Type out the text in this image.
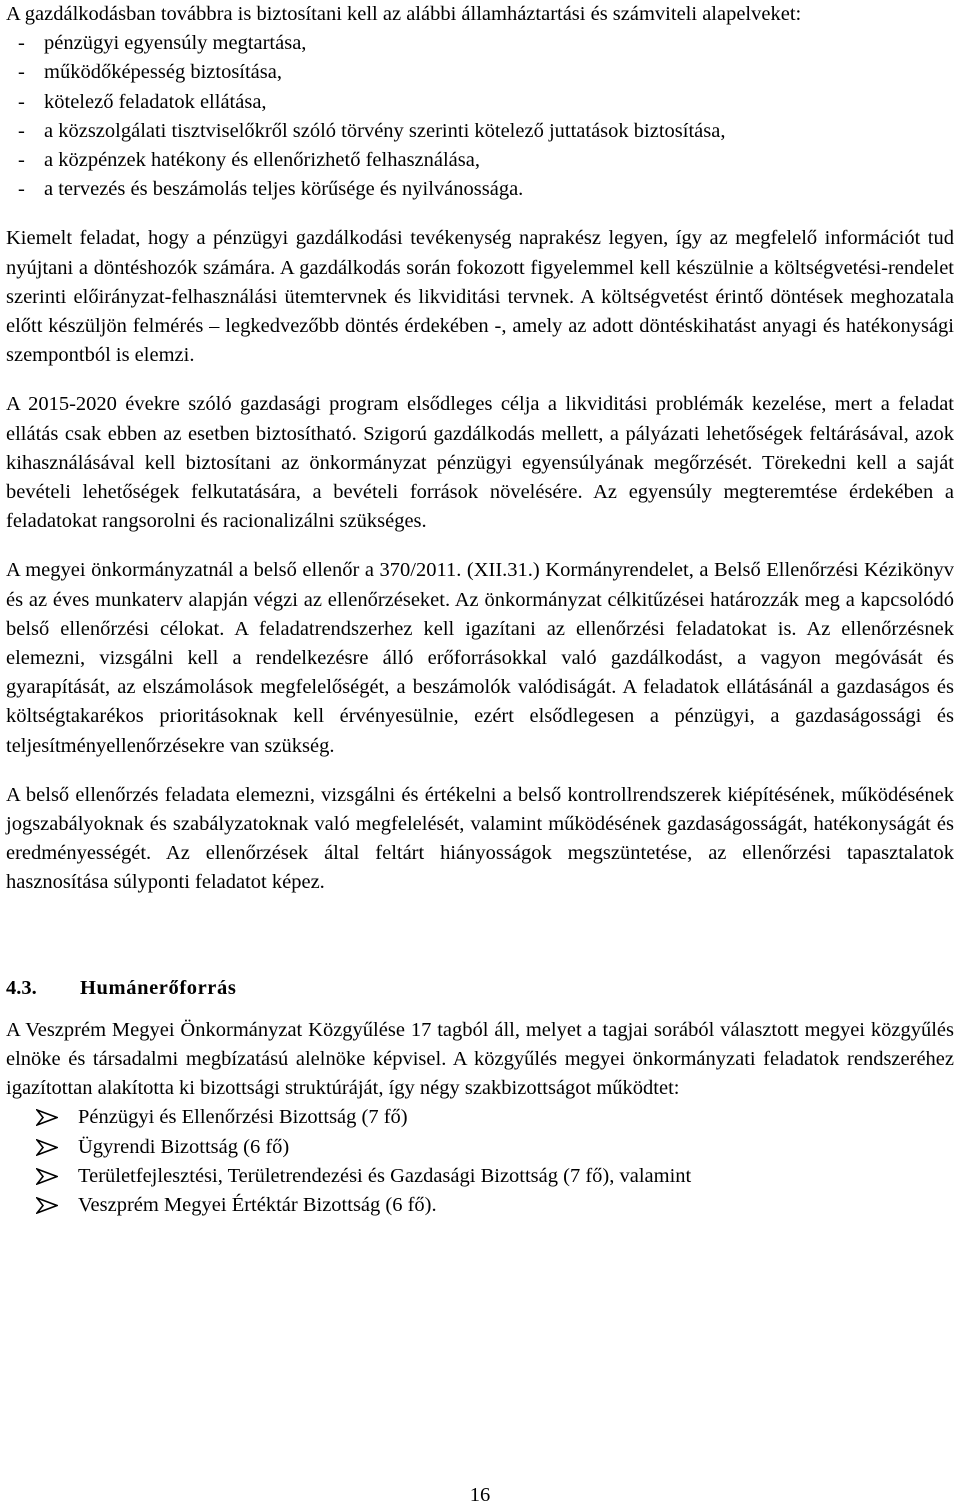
A gazdálkodásban továbbra is biztosítani kell az alábbi államháztartási és számviteli alapelveket:

- pénzügyi egyensúly megtartása,
- működőképesség biztosítása,
- kötelező feladatok ellátása,
- a közszolgálati tisztviselőkről szóló törvény szerinti kötelező juttatások biztosítása,
- a közpénzek hatékony és ellenőrizhető felhasználása,
- a tervezés és beszámolás teljes körűsége és nyilvánossága.

Kiemelt feladat, hogy a pénzügyi gazdálkodási tevékenység naprakész legyen, így az megfelelő információt tud nyújtani a döntéshozók számára. A gazdálkodás során fokozott figyelemmel kell készülnie a költségvetési-rendelet szerinti előirányzat-felhasználási ütemtervnek és likviditási tervnek. A költségvetést érintő döntések meghozatala előtt készüljön felmérés – legkedvezőbb döntés érdekében -, amely az adott döntéskihatást anyagi és hatékonysági szempontból is elemzi.

A 2015-2020 évekre szóló gazdasági program elsődleges célja a likviditási problémák kezelése, mert a feladat ellátás csak ebben az esetben biztosítható. Szigorú gazdálkodás mellett, a pályázati lehetőségek feltárásával, azok kihasználásával kell biztosítani az önkormányzat pénzügyi egyensúlyának megőrzését. Törekedni kell a saját bevételi lehetőségek felkutatására, a bevételi források növelésére. Az egyensúly megteremtése érdekében a feladatokat rangsorolni és racionalizálni szükséges.

A megyei önkormányzatnál a belső ellenőr a 370/2011. (XII.31.) Kormányrendelet, a Belső Ellenőrzési Kézikönyv és az éves munkaterv alapján végzi az ellenőrzéseket. Az önkormányzat célkitűzései határozzák meg a kapcsolódó belső ellenőrzési célokat. A feladatrendszerhez kell igazítani az ellenőrzési feladatokat is. Az ellenőrzésnek elemezni, vizsgálni kell a rendelkezésre álló erőforrásokkal való gazdálkodást, a vagyon megóvását és gyarapítását, az elszámolások megfelelőségét, a beszámolók valódiságát. A feladatok ellátásánál a gazdaságos és költségtakarékos prioritásoknak kell érvényesülnie, ezért elsődlegesen a pénzügyi, a gazdaságossági és teljesítményellenőrzésekre van szükség.

A belső ellenőrzés feladata elemezni, vizsgálni és értékelni a belső kontrollrendszerek kiépítésének, működésének jogszabályoknak és szabályzatoknak való megfelelését, valamint működésének gazdaságosságát, hatékonyságát és eredményességét. Az ellenőrzések által feltárt hiányosságok megszüntetése, az ellenőrzési tapasztalatok hasznosítása súlyponti feladatot képez.

4.3.	Humánerőforrás

A Veszprém Megyei Önkormányzat Közgyűlése 17 tagból áll, melyet a tagjai sorából választott megyei közgyűlés elnöke és társadalmi megbízatású alelnöke képvisel. A közgyűlés megyei önkormányzati feladatok rendszeréhez igazítottan alakította ki bizottsági struktúráját, így négy szakbizottságot működtet:

Pénzügyi és Ellenőrzési Bizottság (7 fő)
Ügyrendi Bizottság (6 fő)
Területfejlesztési, Területrendezési és Gazdasági Bizottság (7 fő), valamint
Veszprém Megyei Értéktár Bizottság (6 fő).
16
